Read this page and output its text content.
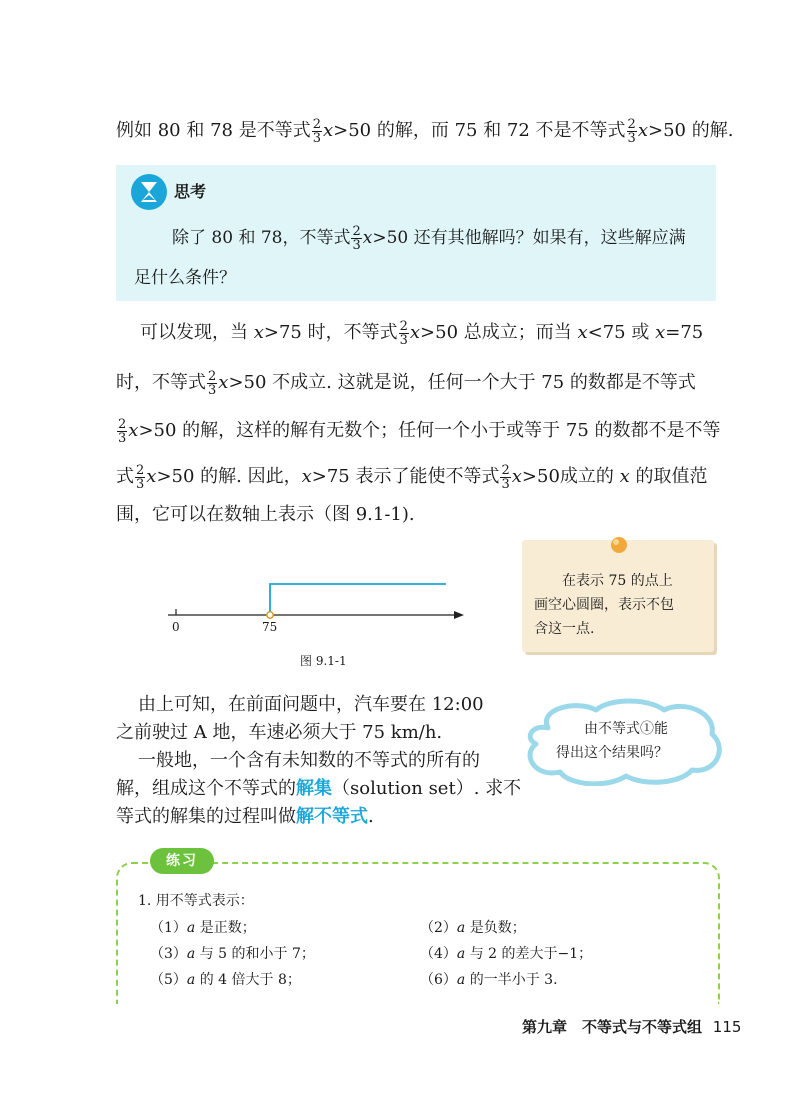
例如 80 和 78 是不等式 $\frac{2}{3} x>50$ 的解，而 75 和 72 不是不等式 $\frac{2}{3} x>50$ 的解.
思考
除了 80 和 78，不等式 $\frac{2}{3} x>50$ 还有其他解吗？如果有，这些解应满
足什么条件？
可以发现，当 x>75 时，不等式 $\frac{2}{3} x>50$ 总成立；而当 x<75 或 x=75
时，不等式 $\frac{2}{3} x>50$ 不成立. 这就是说，任何一个大于 75 的数都是不等式
$\frac{2}{3} x>50$ 的解，这样的解有无数个；任何一个小于或等于 75 的数都不是不等
式 $\frac{2}{3} x>50$ 的解. 因此，x>75 表示了能使不等式 $\frac{2}{3} x>50$成立的 x 的取值范
围，它可以在数轴上表示（图 9.1-1).
0	75
图 9.1-1
在表示 75 的点上
画空心圆圈，表示不包
含这一点.
由上可知，在前面问题中，汽车要在 12:00
之前驶过 A 地，车速必须大于 75 km/h.
一般地，一个含有未知数的不等式的所有的
解，组成这个不等式的解集（solution set）. 求不
等式的解集的过程叫做解不等式.
由不等式①能
得出这个结果吗？
练习
1. 用不等式表示：
（1）a 是正数；	（2）a 是负数；
（3）a 与 5 的和小于 7；	（4）a 与 2 的差大于−1；
（5）a 的 4 倍大于 8；	（6）a 的一半小于 3.
第九章　不等式与不等式组 115
